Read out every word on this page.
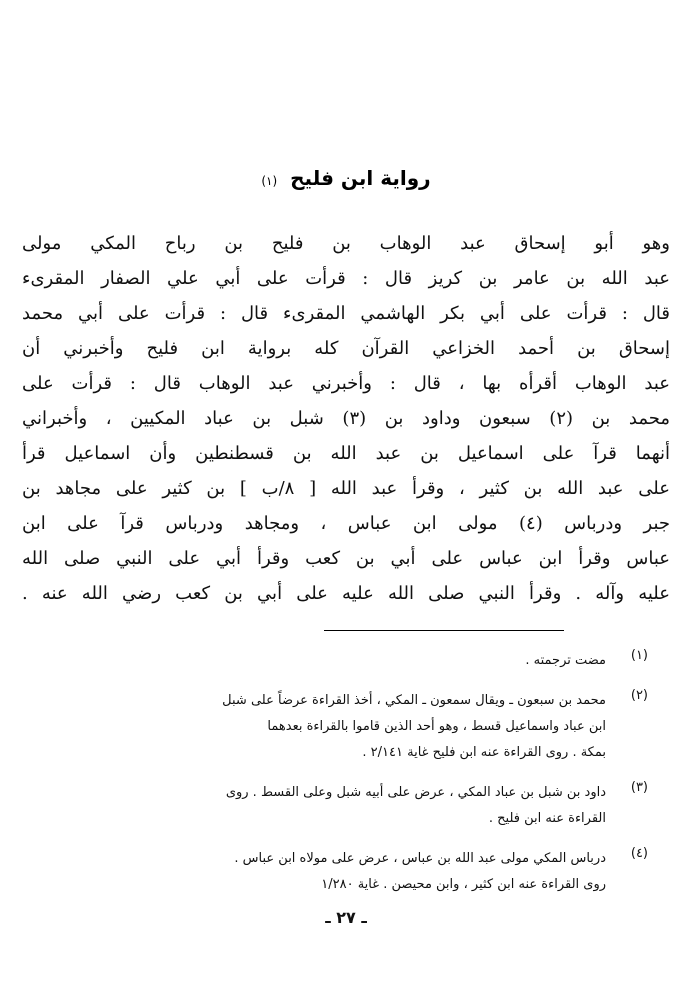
رواية ابن فليح (١)
وهو أبو إسحاق عبد الوهاب بن فليح بن رباح المكي مولى
عبد الله بن عامر بن كريز قال : قرأت على أبي علي الصفار المقرىء
قال : قرأت على أبي بكر الهاشمي المقرىء قال : قرأت على أبي محمد
إسحاق بن أحمد الخزاعي القرآن كله برواية ابن فليح وأخبرني أن
عبد الوهاب أقرأه بها ، قال : وأخبرني عبد الوهاب قال : قرأت على
محمد بن (٢) سبعون وداود بن (٣) شبل بن عباد المكيين ، وأخبراني
أنهما قرآ على اسماعيل بن عبد الله بن قسطنطين وأن اسماعيل قرأ
على عبد الله بن كثير ، وقرأ عبد الله [ ٨/ب ] بن كثير على مجاهد بن
جبر ودرباس (٤) مولى ابن عباس ، ومجاهد ودرباس قرآ على ابن
عباس وقرأ ابن عباس على أبي بن كعب وقرأ أبي على النبي صلى الله
عليه وآله . وقرأ النبي صلى الله عليه على أبي بن كعب رضي الله عنه .
(١)
مضت ترجمته .
(٢)
محمد بن سبعون ـ ويقال سمعون ـ المكي ، أخذ القراءة عرضاً على شبل
ابن عباد واسماعيل قسط ، وهو أحد الذين قاموا بالقراءة بعدهما
بمكة . روى القراءة عنه ابن فليح غاية ٢/١٤١ .
(٣)
داود بن شبل بن عباد المكي ، عرض على أبيه شبل وعلى القسط . روى
القراءة عنه ابن فليح .
(٤)
درباس المكي مولى عبد الله بن عباس ، عرض على مولاه ابن عباس .
روى القراءة عنه ابن كثير ، وابن محيصن . غاية ١/٢٨٠
ـ ٢٧ ـ
